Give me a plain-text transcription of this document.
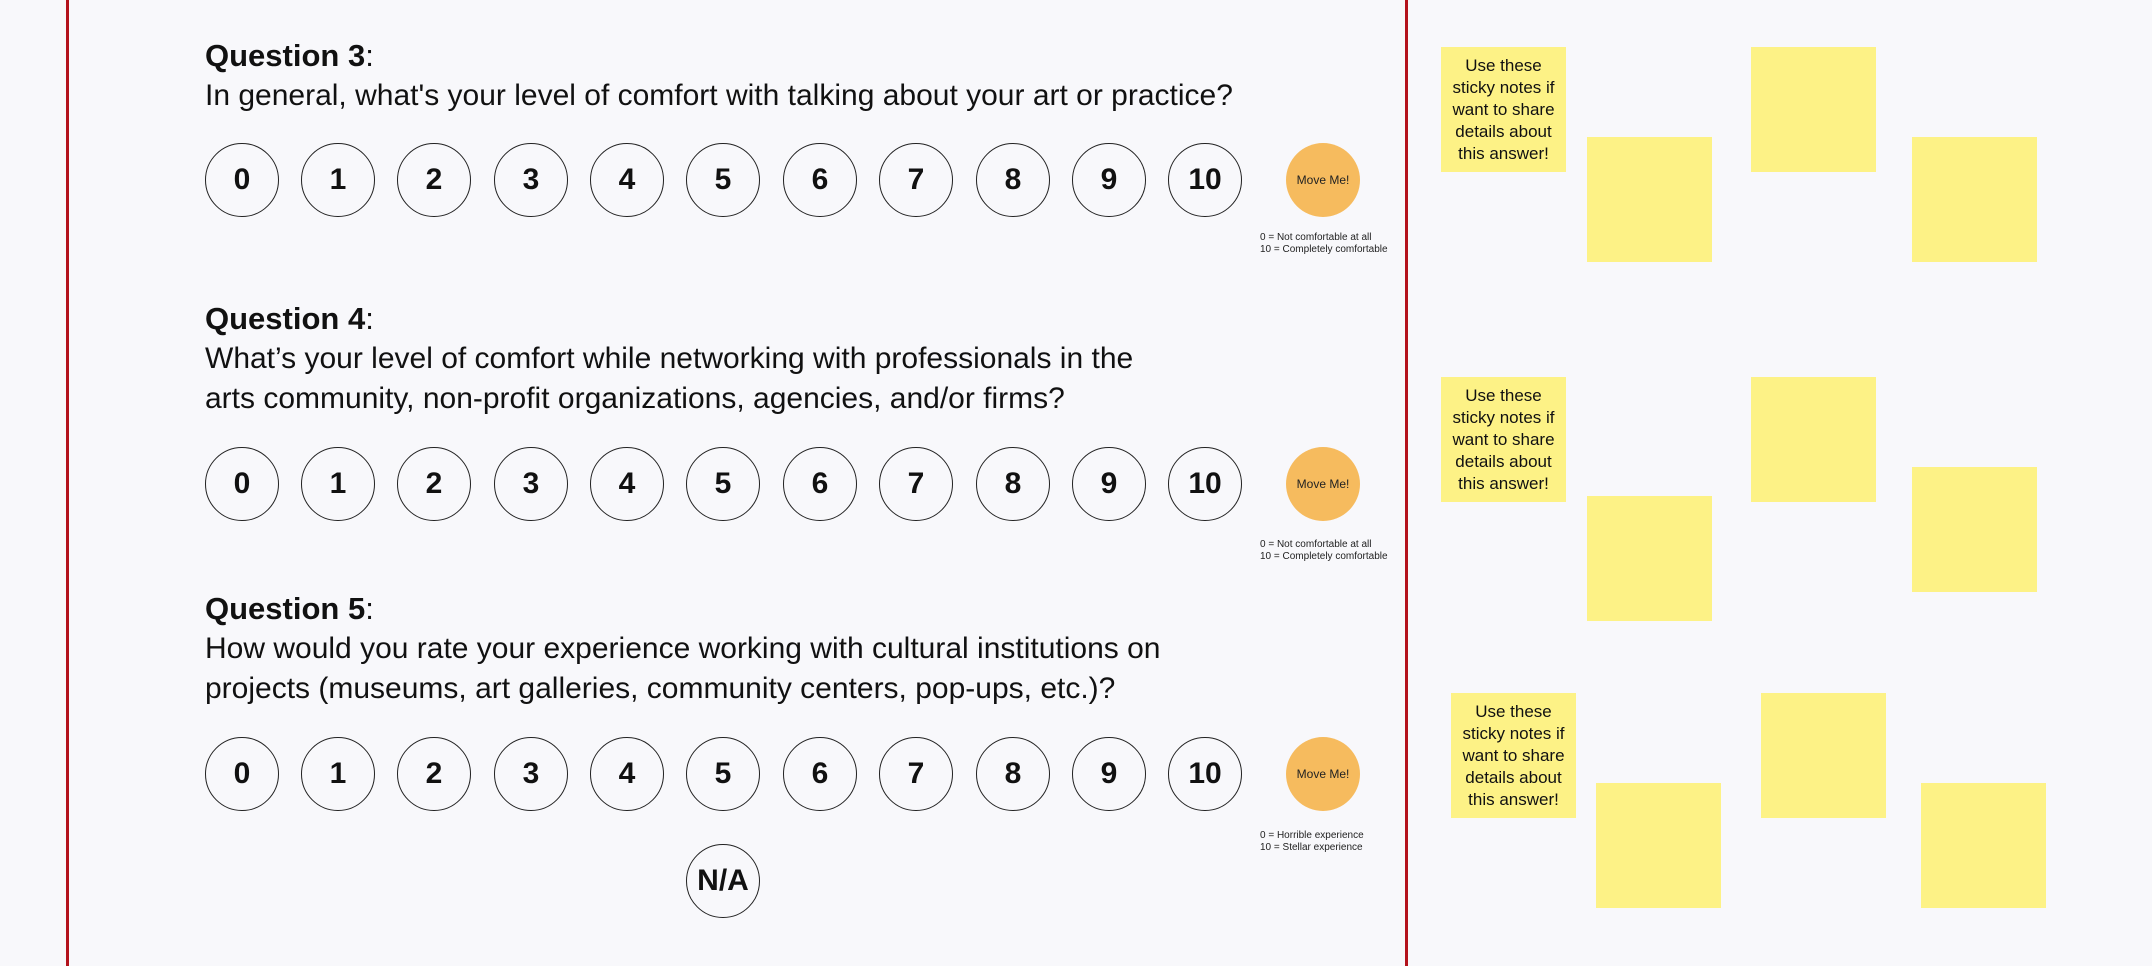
Question 3:
In general, what's your level of comfort with talking about your art or practice?
0	1	2	3	4	5	6	7	8	9	10	Move Me!
0 = Not comfortable at all
10 = Completely comfortable
Question 4:
What’s your level of comfort while networking with professionals in the
arts community, non-profit organizations, agencies, and/or firms?
0	1	2	3	4	5	6	7	8	9	10	Move Me!
0 = Not comfortable at all
10 = Completely comfortable
Question 5:
How would you rate your experience working with cultural institutions on
projects (museums, art galleries, community centers, pop-ups, etc.)?
0	1	2	3	4	5	6	7	8	9	10
N/A
Move Me!
0 = Horrible experience
10 = Stellar experience
Use these sticky notes if want to share details about this answer!
Use these sticky notes if want to share details about this answer!
Use these sticky notes if want to share details about this answer!
